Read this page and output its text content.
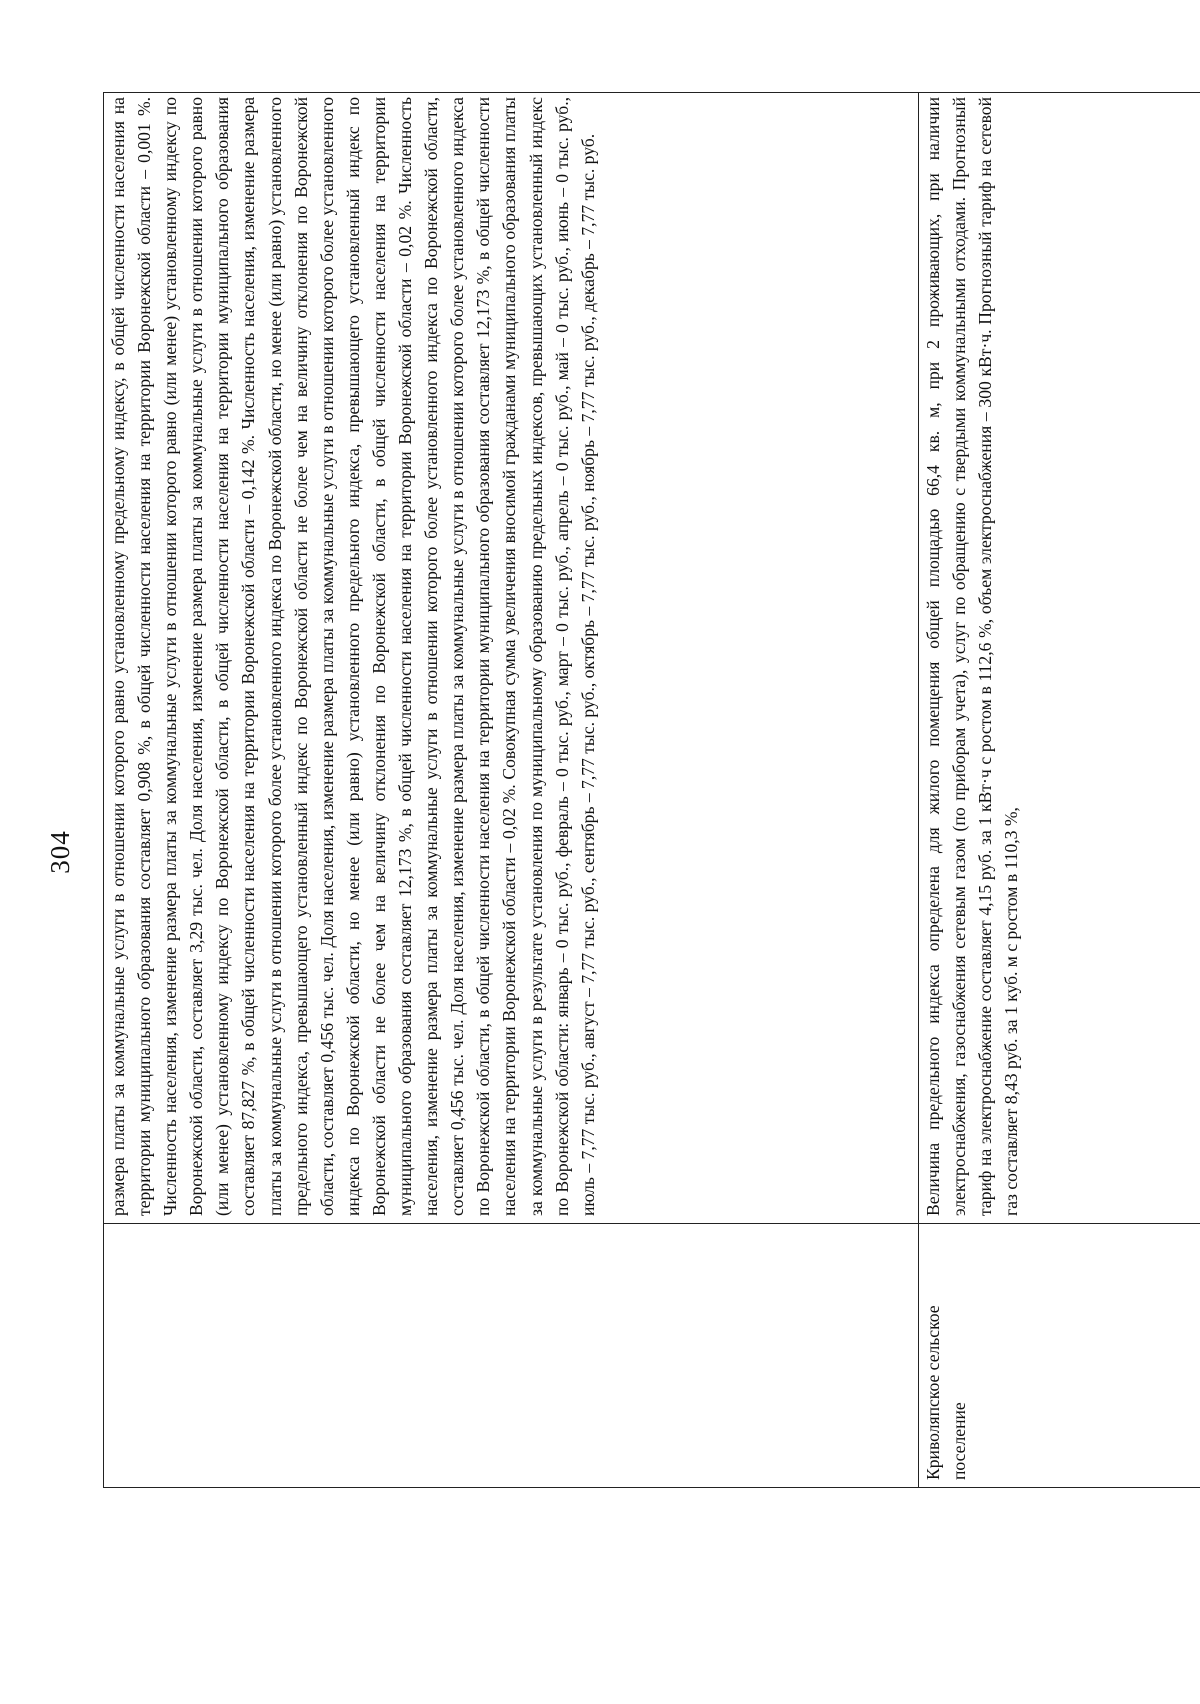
304

	размера платы за коммунальные услуги в отношении которого равно установленному предельному индексу, в общей численности населения на территории муниципального образования составляет 0,908 %, в общей численности населения на территории Воронежской области – 0,001 %. Численность населения, изменение размера платы за коммунальные услуги в отношении которого равно (или менее) установленному индексу по Воронежской области, составляет 3,29 тыс. чел. Доля населения, изменение размера платы за коммунальные услуги в отношении которого равно (или менее) установленному индексу по Воронежской области, в общей численности населения на территории муниципального образования составляет 87,827 %, в общей численности населения на территории Воронежской области – 0,142 %. Численность населения, изменение размера платы за коммунальные услуги в отношении которого более установленного индекса по Воронежской области, но менее (или равно) установленного предельного индекса, превышающего установленный индекс по Воронежской области не более чем на величину отклонения по Воронежской области, составляет 0,456 тыс. чел. Доля населения, изменение размера платы за коммунальные услуги в отношении которого более установленного индекса по Воронежской области, но менее (или равно) установленного предельного индекса, превышающего установленный индекс по Воронежской области не более чем на величину отклонения по Воронежской области, в общей численности населения на территории муниципального образования составляет 12,173 %, в общей численности населения на территории Воронежской области – 0,02 %. Численность населения, изменение размера платы за коммунальные услуги в отношении которого более установленного индекса по Воронежской области, составляет 0,456 тыс. чел. Доля населения, изменение размера платы за коммунальные услуги в отношении которого более установленного индекса по Воронежской области, в общей численности населения на территории муниципального образования составляет 12,173 %, в общей численности населения на территории Воронежской области – 0,02 %. Совокупная сумма увеличения вносимой гражданами муниципального образования платы за коммунальные услуги в результате установления по муниципальному образованию предельных индексов, превышающих установленный индекс по Воронежской области: январь – 0 тыс. руб., февраль – 0 тыс. руб., март – 0 тыс. руб., апрель – 0 тыс. руб., май – 0 тыс. руб., июнь – 0 тыс. руб., июль – 7,77 тыс. руб., август – 7,77 тыс. руб., сентябрь – 7,77 тыс. руб., октябрь – 7,77 тыс. руб., ноябрь – 7,77 тыс. руб., декабрь – 7,77 тыс. руб.

Криволяпское сельское поселение	Величина предельного индекса определена для жилого помещения общей площадью 66,4 кв. м, при 2 проживающих, при наличии электроснабжения, газоснабжения сетевым газом (по приборам учета), услуг по обращению с твердыми коммунальными отходами. Прогнозный тариф на электроснабжение составляет 4,15 руб. за 1 кВт·ч с ростом в 112,6 %, объем электроснабжения – 300 кВт·ч. Прогнозный тариф на сетевой газ составляет 8,43 руб. за 1 куб. м с ростом в 110,3 %,
